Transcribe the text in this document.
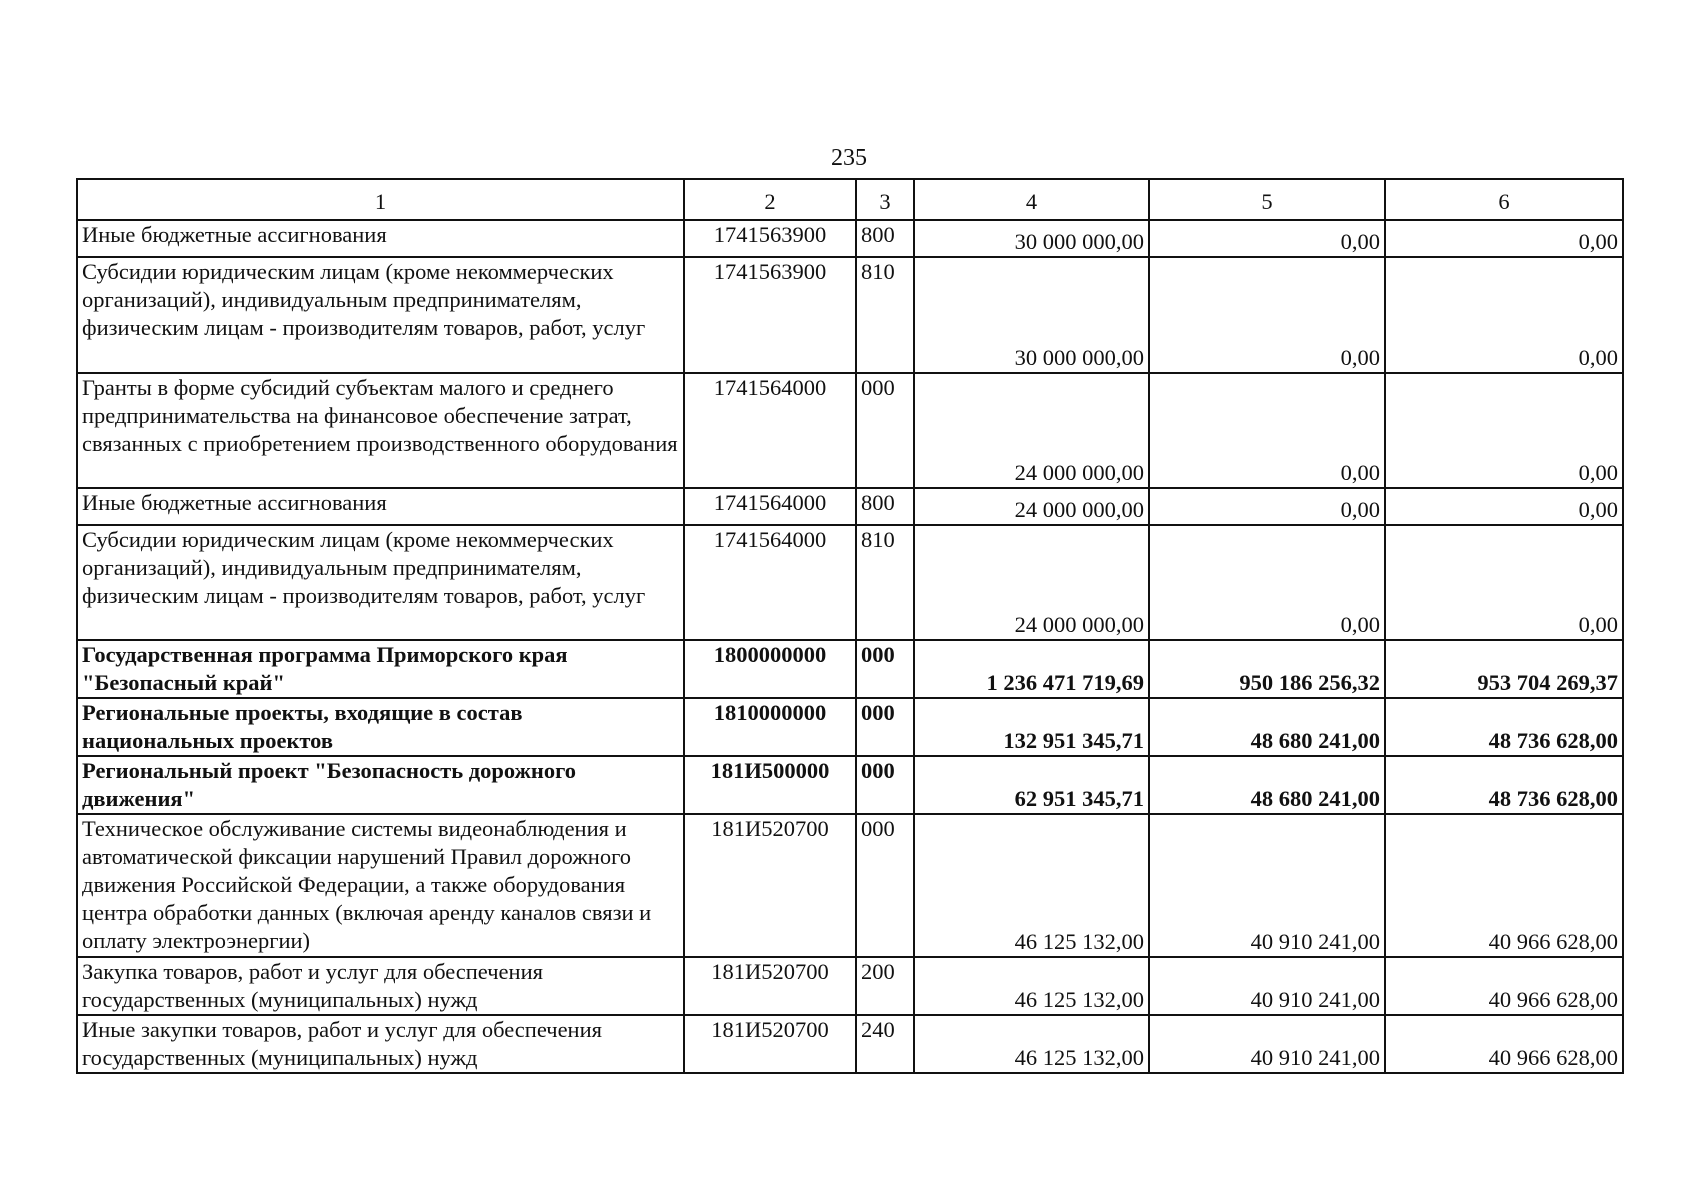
235
1	2	3	4	5	6
Иные бюджетные ассигнования	1741563900	800	30 000 000,00	0,00	0,00
Субсидии юридическим лицам (кроме некоммерческих организаций), индивидуальным предпринимателям, физическим лицам - производителям товаров, работ, услуг	1741563900	810	30 000 000,00	0,00	0,00
Гранты в форме субсидий субъектам малого и среднего предпринимательства на финансовое обеспечение затрат, связанных с приобретением производственного оборудования	1741564000	000	24 000 000,00	0,00	0,00
Иные бюджетные ассигнования	1741564000	800	24 000 000,00	0,00	0,00
Субсидии юридическим лицам (кроме некоммерческих организаций), индивидуальным предпринимателям, физическим лицам - производителям товаров, работ, услуг	1741564000	810	24 000 000,00	0,00	0,00
Государственная программа Приморского края "Безопасный край"	1800000000	000	1 236 471 719,69	950 186 256,32	953 704 269,37
Региональные проекты, входящие в состав национальных проектов	1810000000	000	132 951 345,71	48 680 241,00	48 736 628,00
Региональный проект "Безопасность дорожного движения"	181И500000	000	62 951 345,71	48 680 241,00	48 736 628,00
Техническое обслуживание системы видеонаблюдения и автоматической фиксации нарушений Правил дорожного движения Российской Федерации, а также оборудования центра обработки данных (включая аренду каналов связи и оплату электроэнергии)	181И520700	000	46 125 132,00	40 910 241,00	40 966 628,00
Закупка товаров, работ и услуг для обеспечения государственных (муниципальных) нужд	181И520700	200	46 125 132,00	40 910 241,00	40 966 628,00
Иные закупки товаров, работ и услуг для обеспечения государственных (муниципальных) нужд	181И520700	240	46 125 132,00	40 910 241,00	40 966 628,00
